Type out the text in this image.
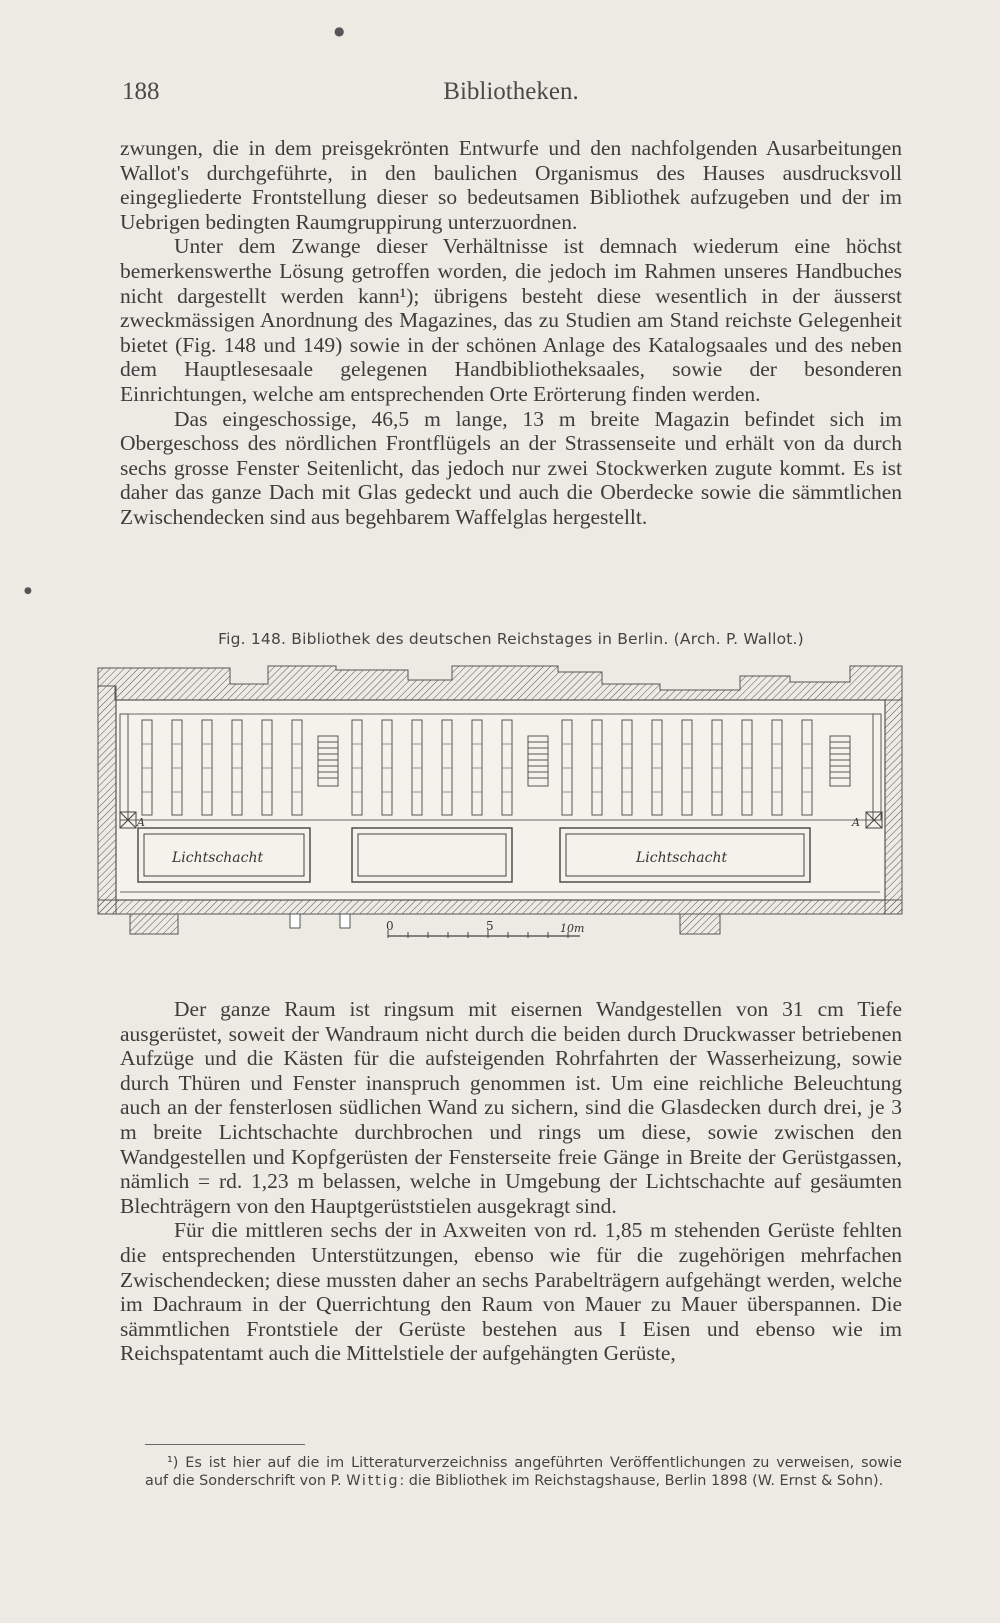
●
●
188	Bibliotheken.

zwungen, die in dem preisgekrönten Entwurfe und den nachfolgenden Ausarbeitungen Wallot's durchgeführte, in den baulichen Organismus des Hauses ausdrucksvoll eingegliederte Frontstellung dieser so bedeutsamen Bibliothek aufzugeben und der im Uebrigen bedingten Raumgruppirung unterzuordnen.

Unter dem Zwange dieser Verhältnisse ist demnach wiederum eine höchst bemerkenswerthe Lösung getroffen worden, die jedoch im Rahmen unseres Handbuches nicht dargestellt werden kann¹); übrigens besteht diese wesentlich in der äusserst zweckmässigen Anordnung des Magazines, das zu Studien am Stand reichste Gelegenheit bietet (Fig. 148 und 149) sowie in der schönen Anlage des Katalogsaales und des neben dem Hauptlesesaale gelegenen Handbibliotheksaales, sowie der besonderen Einrichtungen, welche am entsprechenden Orte Erörterung finden werden.

Das eingeschossige, 46,5 m lange, 13 m breite Magazin befindet sich im Obergeschoss des nördlichen Frontflügels an der Strassenseite und erhält von da durch sechs grosse Fenster Seitenlicht, das jedoch nur zwei Stockwerken zugute kommt. Es ist daher das ganze Dach mit Glas gedeckt und auch die Oberdecke sowie die sämmtlichen Zwischendecken sind aus begehbarem Waffelglas hergestellt.

Fig. 148. Bibliothek des deutschen Reichstages in Berlin. (Arch. P. Wallot.)
Lichtschacht	Lichtschacht
A	A
0	5	10m

Der ganze Raum ist ringsum mit eisernen Wandgestellen von 31 cm Tiefe ausgerüstet, soweit der Wandraum nicht durch die beiden durch Druckwasser betriebenen Aufzüge und die Kästen für die aufsteigenden Rohrfahrten der Wasserheizung, sowie durch Thüren und Fenster inanspruch genommen ist. Um eine reichliche Beleuchtung auch an der fensterlosen südlichen Wand zu sichern, sind die Glasdecken durch drei, je 3 m breite Lichtschachte durchbrochen und rings um diese, sowie zwischen den Wandgestellen und Kopfgerüsten der Fensterseite freie Gänge in Breite der Gerüstgassen, nämlich = rd. 1,23 m belassen, welche in Umgebung der Lichtschachte auf gesäumten Blechträgern von den Hauptgerüststielen ausgekragt sind.

Für die mittleren sechs der in Axweiten von rd. 1,85 m stehenden Gerüste fehlten die entsprechenden Unterstützungen, ebenso wie für die zugehörigen mehrfachen Zwischendecken; diese mussten daher an sechs Parabelträgern aufgehängt werden, welche im Dachraum in der Querrichtung den Raum von Mauer zu Mauer überspannen. Die sämmtlichen Frontstiele der Gerüste bestehen aus I Eisen und ebenso wie im Reichspatentamt auch die Mittelstiele der aufgehängten Gerüste,

¹) Es ist hier auf die im Litteraturverzeichniss angeführten Veröffentlichungen zu verweisen, sowie auf die Sonderschrift von P. Wittig: die Bibliothek im Reichstagshause, Berlin 1898 (W. Ernst & Sohn).
